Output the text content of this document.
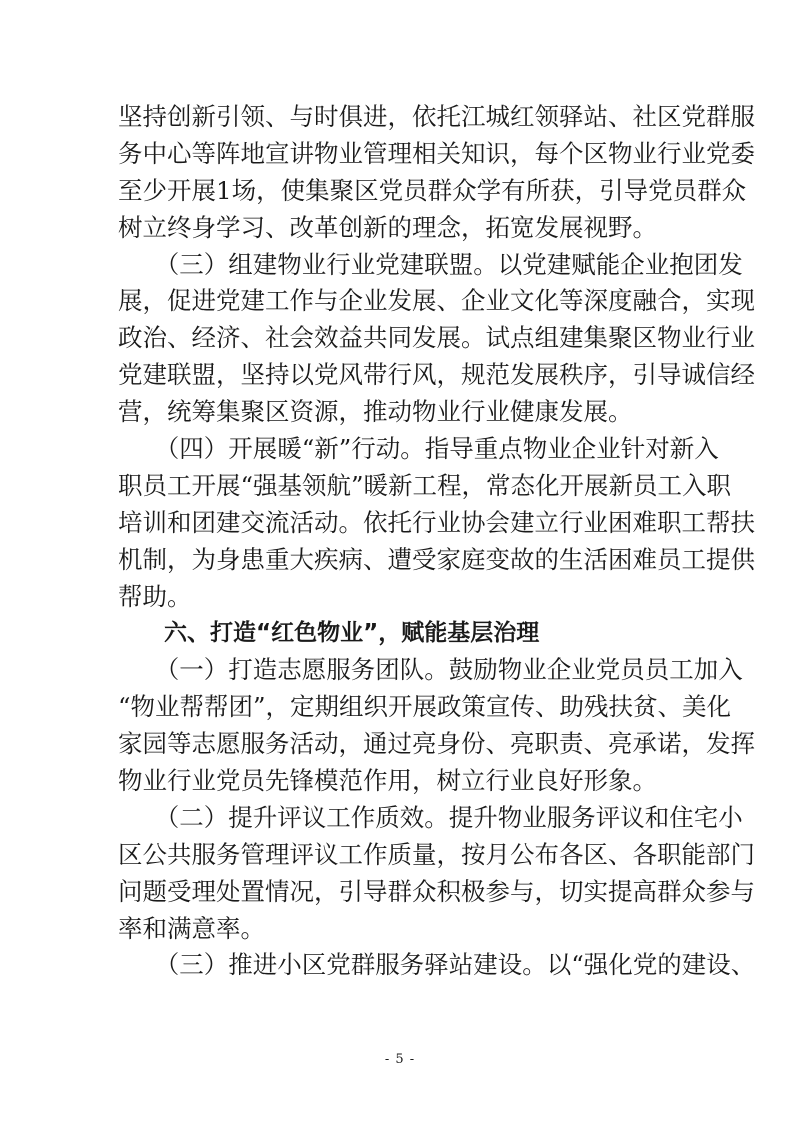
坚持创新引领、与时俱进，依托江城红领驿站、社区党群服
务中心等阵地宣讲物业管理相关知识，每个区物业行业党委
至少开展1场，使集聚区党员群众学有所获，引导党员群众
树立终身学习、改革创新的理念，拓宽发展视野。
　　（三）组建物业行业党建联盟。以党建赋能企业抱团发
展，促进党建工作与企业发展、企业文化等深度融合，实现
政治、经济、社会效益共同发展。试点组建集聚区物业行业
党建联盟，坚持以党风带行风，规范发展秩序，引导诚信经
营，统筹集聚区资源，推动物业行业健康发展。
　　（四）开展暖“新”行动。指导重点物业企业针对新入
职员工开展“强基领航”暖新工程，常态化开展新员工入职
培训和团建交流活动。依托行业协会建立行业困难职工帮扶
机制，为身患重大疾病、遭受家庭变故的生活困难员工提供
帮助。
　　六、打造“红色物业”，赋能基层治理
　　（一）打造志愿服务团队。鼓励物业企业党员员工加入
“物业帮帮团”，定期组织开展政策宣传、助残扶贫、美化
家园等志愿服务活动，通过亮身份、亮职责、亮承诺，发挥
物业行业党员先锋模范作用，树立行业良好形象。
　　（二）提升评议工作质效。提升物业服务评议和住宅小
区公共服务管理评议工作质量，按月公布各区、各职能部门
问题受理处置情况，引导群众积极参与，切实提高群众参与
率和满意率。
　　（三）推进小区党群服务驿站建设。以“强化党的建设、
- 5 -
